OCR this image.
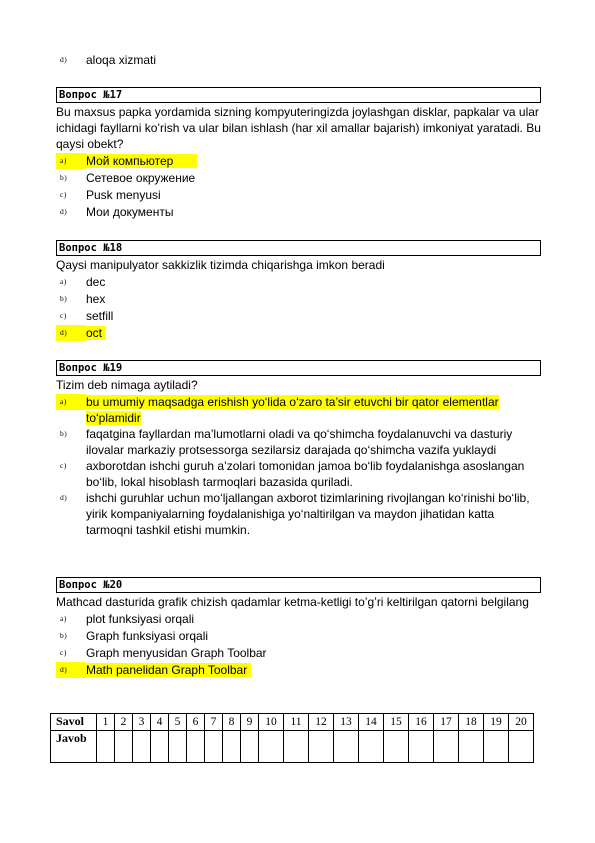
d)	aloqa xizmati
Вопрос №17
Bu maxsus papka yordamida sizning kompyuteringizda joylashgan disklar, papkalar va ular ichidagi fayllarni ko’rish va ular bilan ishlash (har xil amallar bajarish) imkoniyat yaratadi. Bu qaysi obekt?
a)	Мой компьютер
b)	Сетевое окружение
c)	Pusk menyusi
d)	Мои документы
Вопрос №18
Qaysi manipulyator sakkizlik tizimda chiqarishga imkon beradi
a)	dec
b)	hex
c)	setfill
d)	oct
Вопрос №19
Tizim deb nimaga aytiladi?
a)	bu umumiy maqsadga erishish yo‘lida o‘zaro ta’sir etuvchi bir qator elementlar to‘plamidir
b)	faqatgina fayllardan ma’lumotlarni oladi va qo‘shimcha foydalanuvchi va dasturiy ilovalar markaziy protsessorga sezilarsiz darajada qo‘shimcha vazifa yuklaydi
c)	axborotdan ishchi guruh a’zolari tomonidan jamoa bo‘lib foydalanishga asoslangan bo‘lib, lokal hisoblash tarmoqlari bazasida quriladi.
d)	ishchi guruhlar uchun mo‘ljallangan axborot tizimlarining rivojlangan ko‘rinishi bo‘lib, yirik kompaniyalarning foydalanishiga yo‘naltirilgan va maydon jihatidan katta tarmoqni tashkil etishi mumkin.
Вопрос №20
Mathcad dasturida grafik chizish qadamlar ketma-ketligi to’g’ri keltirilgan qatorni belgilang
a)	plot funksiyasi orqali
b)	Graph funksiyasi orqali
c)	Graph menyusidan Graph Toolbar
d)	Math panelidan Graph Toolbar
Savol	1	2	3	4	5	6	7	8	9	10	11	12	13	14	15	16	17	18	19	20
Javob																				
